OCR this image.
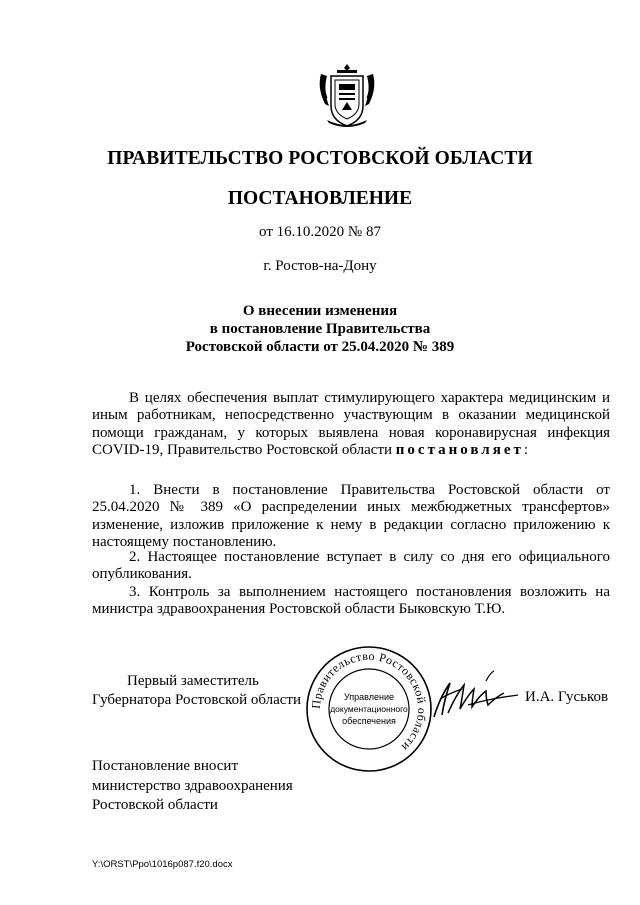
ПРАВИТЕЛЬСТВО РОСТОВСКОЙ ОБЛАСТИ
ПОСТАНОВЛЕНИЕ
от 16.10.2020 № 87
г. Ростов-на-Дону
О внесении изменения
в постановление Правительства
Ростовской области от 25.04.2020 № 389
В целях обеспечения выплат стимулирующего характера медицинским и иным работникам, непосредственно участвующим в оказании медицинской помощи гражданам, у которых выявлена новая коронавирусная инфекция COVID-19, Правительство Ростовской области постановляет:
1. Внести в постановление Правительства Ростовской области от 25.04.2020 № 389 «О распределении иных межбюджетных трансфертов» изменение, изложив приложение к нему в редакции согласно приложению к настоящему постановлению.
2. Настоящее постановление вступает в силу со дня его официального опубликования.
3. Контроль за выполнением настоящего постановления возложить на министра здравоохранения Ростовской области Быковскую Т.Ю.
Первый заместитель
Губернатора Ростовской области Правительство Ростовской области
Управление
документационного
обеспечения
И.А. Гуськов
Постановление вносит
министерство здравоохранения
Ростовской области
Y:\ORST\Ppo\1016p087.f20.docx
